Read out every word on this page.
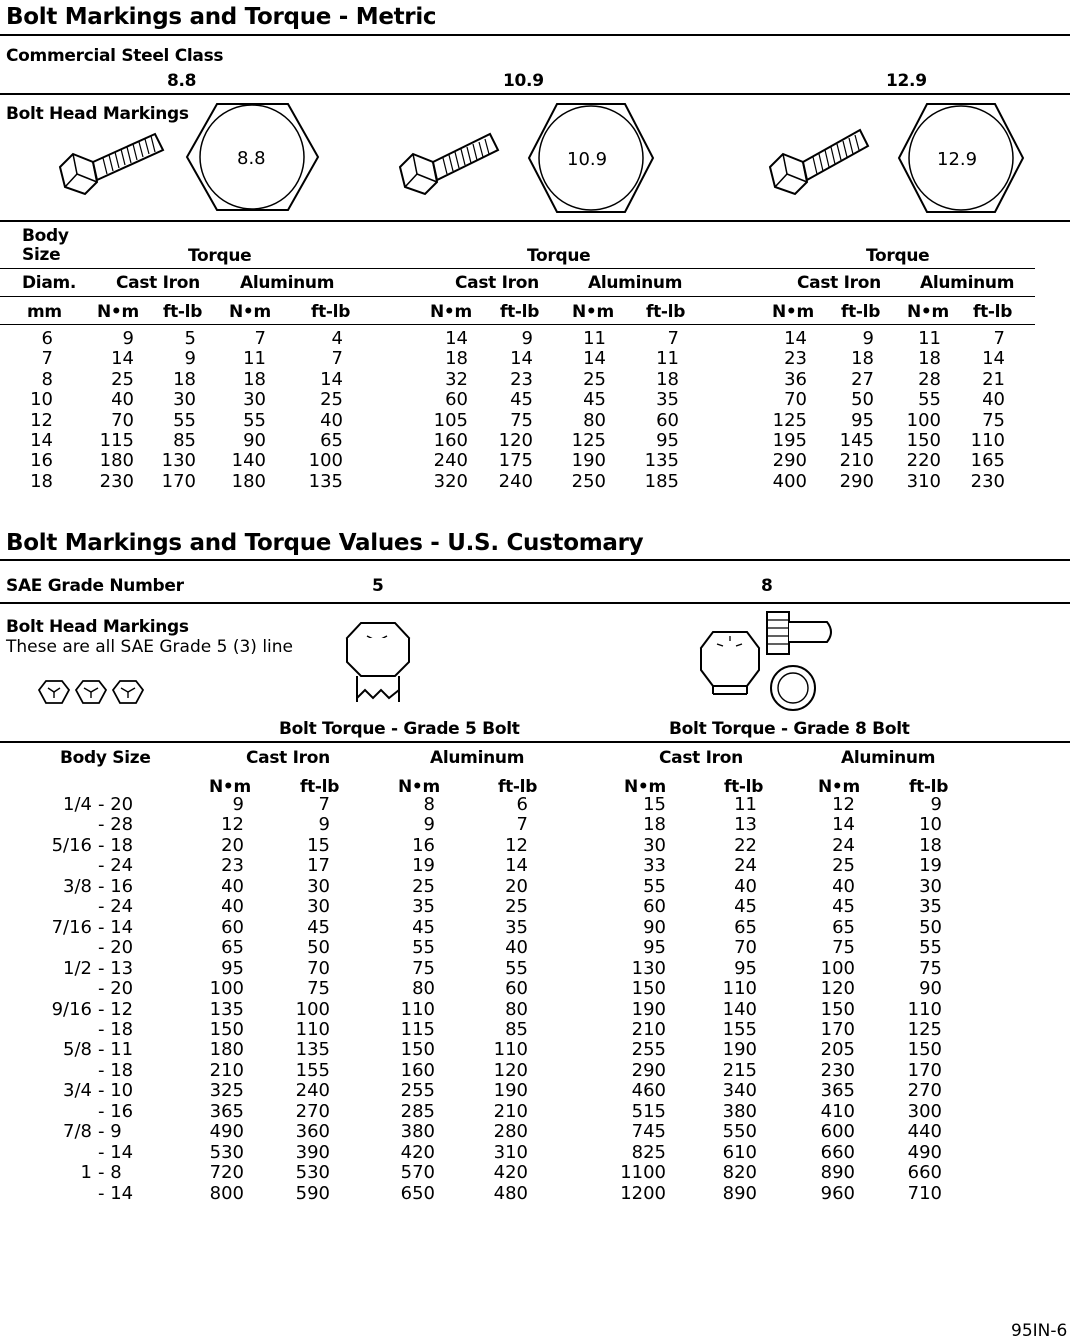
Bolt Markings and Torque - Metric
Commercial Steel Class
8.8	10.9	12.9
Bolt Head Markings
8.8	10.9	12.9
Body
Size	Torque	Torque	Torque
Diam. Cast Iron Aluminum	Cast Iron	Aluminum	Cast Iron Aluminum
mm N•m ft-lb N•m ft-lb	N•m ft-lb N•m ft-lb	N•m ft-lb N•m ft-lb
6	9	5	7	4	14	9	11	7	14	9	11	7
7	14	9	11	7	18	14	14	11	23	18	18	14
8	25	18	18	14	32	23	25	18	36	27	28	21
10	40	30	30	25	60	45	45	35	70	50	55	40
12	70	55	55	40	105	75	80	60	125	95	100	75
14	115	85	90	65	160	120	125	95	195	145	150	110
16	180	130	140	100	240	175	190	135	290	210	220	165
18	230	170	180	135	320	240	250	185	400	290	310	230
Bolt Markings and Torque Values - U.S. Customary
SAE Grade Number	5	8
Bolt Head Markings
These are all SAE Grade 5 (3) line
Bolt Torque - Grade 5 Bolt	Bolt Torque - Grade 8 Bolt
Body Size	Cast Iron	Aluminum	Cast Iron	Aluminum
N•m	ft-lb	N•m	ft-lb	N•m	ft-lb	N•m	ft-lb
1/4 - 20	9	7	8	6	15	11	12	9
- 28	12	9	9	7	18	13	14	10
5/16 - 18	20	15	16	12	30	22	24	18
- 24	23	17	19	14	33	24	25	19
3/8 - 16	40	30	25	20	55	40	40	30
- 24	40	30	35	25	60	45	45	35
7/16 - 14	60	45	45	35	90	65	65	50
- 20	65	50	55	40	95	70	75	55
1/2 - 13	95	70	75	55	130	95	100	75
- 20	100	75	80	60	150	110	120	90
9/16 - 12	135	100	110	80	190	140	150	110
- 18	150	110	115	85	210	155	170	125
5/8 - 11	180	135	150	110	255	190	205	150
- 18	210	155	160	120	290	215	230	170
3/4 - 10	325	240	255	190	460	340	365	270
- 16	365	270	285	210	515	380	410	300
7/8 - 9	490	360	380	280	745	550	600	440
- 14	530	390	420	310	825	610	660	490
1 - 8	720	530	570	420	1100	820	890	660
- 14	800	590	650	480	1200	890	960	710
95IN-6
